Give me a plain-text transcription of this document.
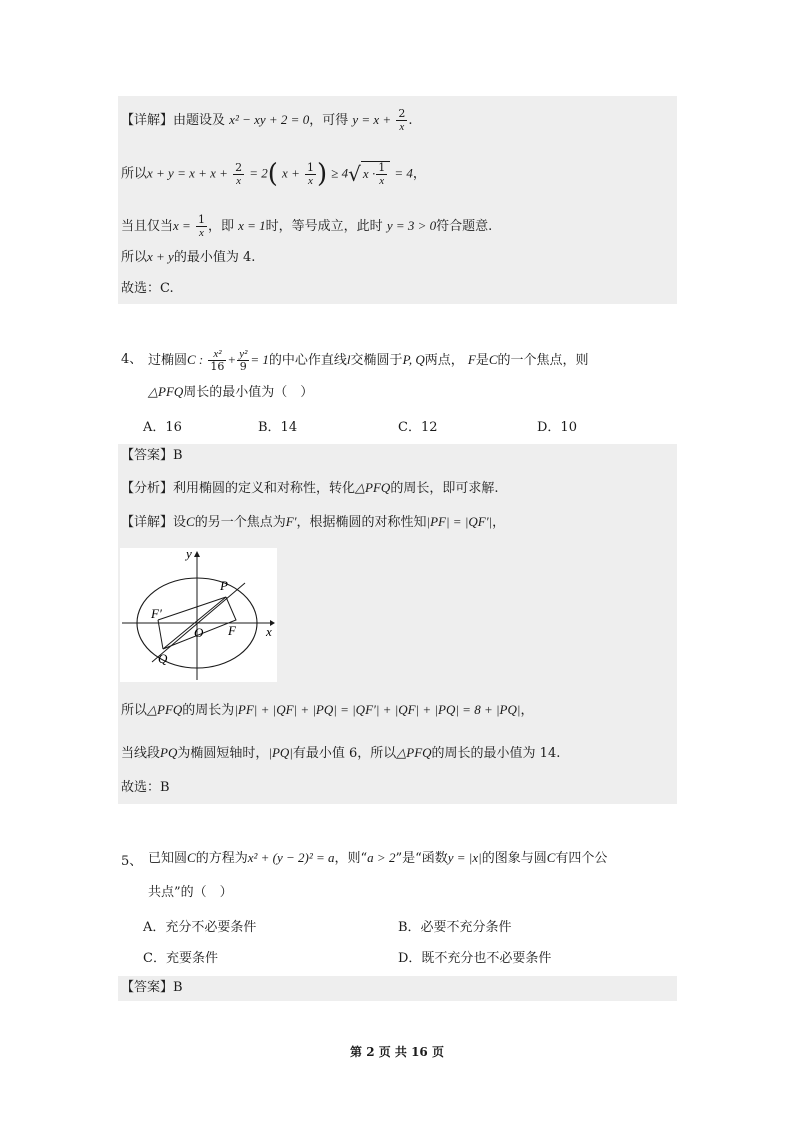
【详解】由题设及 x² − xy + 2 = 0，可得 $y = x + \frac{2}{x}$ .
所以$x + y = x + x + \frac{2}{x} = 2$( $x + \frac{1}{x}$ ) ≥ 4√ $x \cdot \frac{1}{x} = 4$，
当且仅当$x = \frac{1}{x}$ ，即 x = 1时，等号成立，此时 y = 3 > 0符合题意.
所以x + y的最小值为 4.
故选：C.
4、 过椭圆C : $\frac{\text{x²}}{16} + \frac{\text{y²}}{9} = 1$的中心作直线l交椭圆于P, Q两点， F是C的一个焦点，则
△PFQ周长的最小值为（　）
A．16	B．14	C．12	D．10
【答案】B
【分析】利用椭圆的定义和对称性，转化△PFQ的周长，即可求解.
【详解】设C的另一个焦点为F′，根据椭圆的对称性知|PF| = |QF′|，
y
x
P
F′
O F
Q
所以△PFQ的周长为|PF| + |QF| + |PQ| = |QF′| + |QF| + |PQ| = 8 + |PQ|，
当线段PQ为椭圆短轴时，|PQ|有最小值 6，所以△PFQ的周长的最小值为 14.
故选：B
5、 已知圆C的方程为x² + (y − 2)² = a，则“a > 2”是“函数y = |x|的图象与圆C有四个公
共点”的（　）
A．充分不必要条件	B．必要不充分条件
C．充要条件	D．既不充分也不必要条件
【答案】B
第 2 页 共 16 页
